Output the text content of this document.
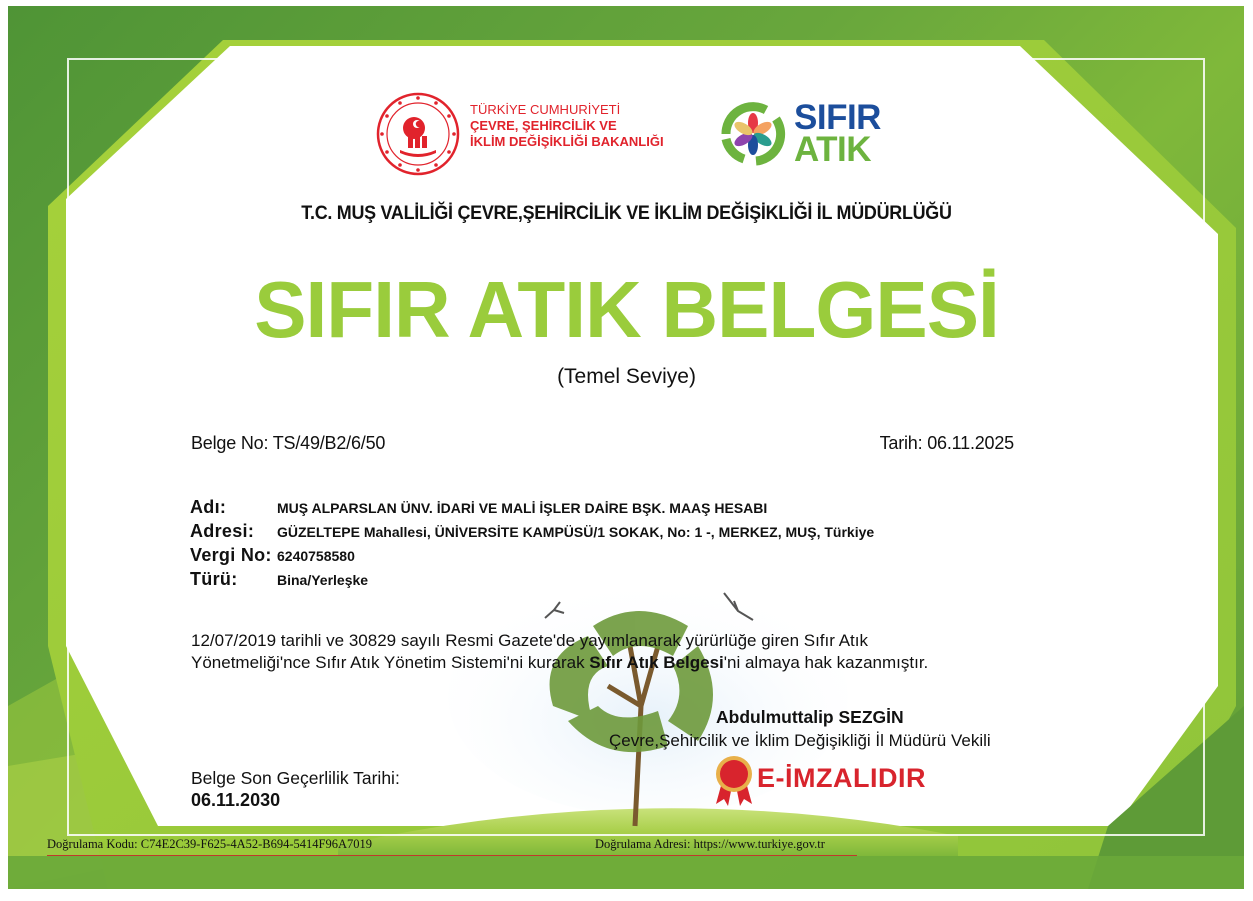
TÜRKİYE CUMHURİYETİ
ÇEVRE, ŞEHİRCİLİK VE
İKLİM DEĞİŞİKLİĞİ BAKANLIĞI
SIFIR
ATIK
T.C. MUŞ VALİLİĞİ ÇEVRE,ŞEHİRCİLİK VE İKLİM DEĞİŞİKLİĞİ İL MÜDÜRLÜĞÜ
SIFIR ATIK BELGESİ
(Temel Seviye)
Belge No: TS/49/B2/6/50	Tarih: 06.11.2025
Adı:	MUŞ ALPARSLAN ÜNV. İDARİ VE MALİ İŞLER DAİRE BŞK. MAAŞ HESABI
Adresi: GÜZELTEPE Mahallesi, ÜNİVERSİTE KAMPÜSÜ/1 SOKAK, No: 1 -, MERKEZ, MUŞ, Türkiye
Vergi No: 6240758580
Türü:	Bina/Yerleşke
12/07/2019 tarihli ve 30829 sayılı Resmi Gazete'de yayımlanarak yürürlüğe giren Sıfır Atık
Yönetmeliği'nce Sıfır Atık Yönetim Sistemi'ni kurarak Sıfır Atık Belgesi'ni almaya hak kazanmıştır.
Abdulmuttalip SEZGİN
Çevre,Şehircilik ve İklim Değişikliği İl Müdürü Vekili
E-İMZALIDIR
Belge Son Geçerlilik Tarihi:
06.11.2030
Doğrulama Kodu: C74E2C39-F625-4A52-B694-5414F96A7019	Doğrulama Adresi: https://www.turkiye.gov.tr
